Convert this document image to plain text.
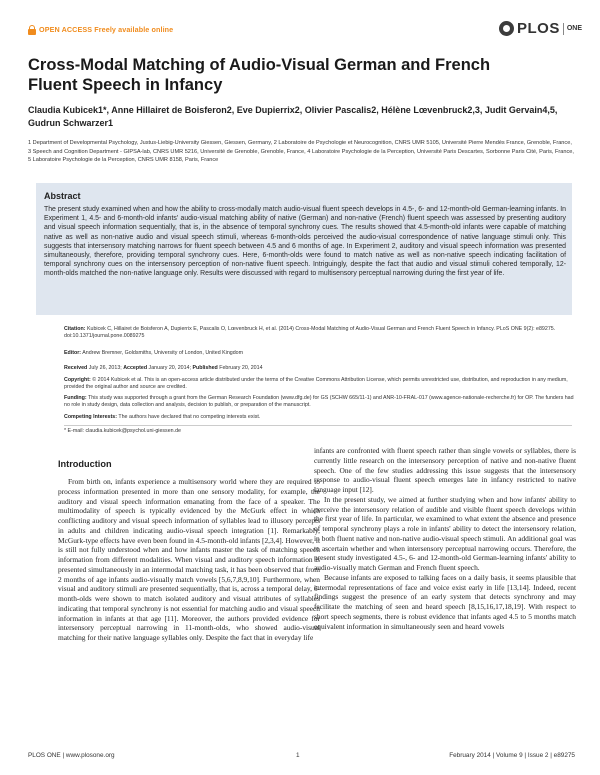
OPEN ACCESS Freely available online	PLOS ONE
Cross-Modal Matching of Audio-Visual German and French Fluent Speech in Infancy
Claudia Kubicek1*, Anne Hillairet de Boisferon2, Eve Dupierrix2, Olivier Pascalis2, Hélène Lœvenbruck2,3, Judit Gervain4,5, Gudrun Schwarzer1
1 Department of Developmental Psychology, Justus-Liebig-University Giessen, Giessen, Germany, 2 Laboratoire de Psychologie et Neurocognition, CNRS UMR 5105, Université Pierre Mendès France, Grenoble, France, 3 Speech and Cognition Department - GIPSA-lab, CNRS UMR 5216, Université de Grenoble, Grenoble, France, 4 Laboratoire Psychologie de la Perception, Université Paris Descartes, Sorbonne Paris Cité, Paris, France, 5 Laboratoire Psychologie de la Perception, CNRS UMR 8158, Paris, France
Abstract
The present study examined when and how the ability to cross-modally match audio-visual fluent speech develops in 4.5-, 6- and 12-month-old German-learning infants. In Experiment 1, 4.5- and 6-month-old infants' audio-visual matching ability of native (German) and non-native (French) fluent speech was assessed by presenting auditory and visual speech information sequentially, that is, in the absence of temporal synchrony cues. The results showed that 4.5-month-old infants were capable of matching native as well as non-native audio and visual speech stimuli, whereas 6-month-olds perceived the audio-visual correspondence of native language stimuli only. This suggests that intersensory matching narrows for fluent speech between 4.5 and 6 months of age. In Experiment 2, auditory and visual speech information was presented simultaneously, therefore, providing temporal synchrony cues. Here, 6-month-olds were found to match native as well as non-native speech indicating facilitation of temporal synchrony cues on the intersensory perception of non-native fluent speech. Intriguingly, despite the fact that audio and visual stimuli cohered temporally, 12-month-olds matched the non-native language only. Results were discussed with regard to multisensory perceptual narrowing during the first year of life.
Citation: Kubicek C, Hillairet de Boisferon A, Dupierrix E, Pascalis O, Lœvenbruck H, et al. (2014) Cross-Modal Matching of Audio-Visual German and French Fluent Speech in Infancy. PLoS ONE 9(2): e89275. doi:10.1371/journal.pone.0089275
Editor: Andrew Bremner, Goldsmiths, University of London, United Kingdom
Received July 26, 2013; Accepted January 20, 2014; Published February 20, 2014
Copyright: © 2014 Kubicek et al. This is an open-access article distributed under the terms of the Creative Commons Attribution License, which permits unrestricted use, distribution, and reproduction in any medium, provided the original author and source are credited.
Funding: This study was supported through a grant from the German Research Foundation (www.dfg.de) for GS (SCHW 665/11-1) and ANR-10-FRAL-017 (www.agence-nationale-recherche.fr) for OP. The funders had no role in study design, data collection and analysis, decision to publish, or preparation of the manuscript.
Competing Interests: The authors have declared that no competing interests exist.
* E-mail: claudia.kubicek@psychol.uni-giessen.de
Introduction

From birth on, infants experience a multisensory world where they are required to process information presented in more than one sensory modality, for example, the auditory and visual speech information emanating from the face of a speaker. The multimodality of speech is typically evidenced by the McGurk effect in which conflicting auditory and visual speech information of syllables lead to illusory percepts in adults and children indicating audio-visual speech integration [1]. Remarkably, McGurk-type effects have even been found in 4.5-month-old infants [2,3,4]. However, it is still not fully understood when and how infants master the task of matching speech information from different modalities. When visual and auditory speech information is presented simultaneously in an intermodal matching task, it has been observed that from 2 months of age infants audio-visually match vowels [5,6,7,8,9,10]. Furthermore, when visual and auditory stimuli are presented sequentially, that is, across a temporal delay, 6-month-olds were shown to match isolated auditory and visual attributes of syllables indicating that temporal synchrony is not essential for matching audio and visual speech information in infants at that age [11]. Moreover, the authors provided evidence for intersensory perceptual narrowing in 11-month-olds, who showed audio-visual matching for their native language syllables only. Despite the fact that in everyday life

infants are confronted with fluent speech rather than single vowels or syllables, there is currently little research on the intersensory perception of native and non-native fluent speech. One of the few studies addressing this issue suggests that the intersensory response to audio-visual fluent speech emerges late in infancy restricted to native language input [12].

In the present study, we aimed at further studying when and how infants' ability to perceive the intersensory relation of audible and visible fluent speech develops within the first year of life. In particular, we examined to what extent the absence and presence of temporal synchrony plays a role in infants' ability to detect the intersensory relation, in both fluent native and non-native audio-visual speech stimuli. An additional goal was to ascertain whether and when intersensory perceptual narrowing occurs. Therefore, the present study investigated 4.5-, 6- and 12-month-old German-learning infants' ability to audio-visually match German and French fluent speech.

Because infants are exposed to talking faces on a daily basis, it seems plausible that intermodal representations of face and voice exist early in life [13,14]. Indeed, recent findings suggest the presence of an early system that detects synchrony and may facilitate the matching of seen and heard speech [8,15,16,17,18,19]. With respect to short speech segments, there is robust evidence that infants aged 4.5 to 5 months match equivalent information in simultaneously seen and heard vowels

PLOS ONE | www.plosone.org	1	February 2014 | Volume 9 | Issue 2 | e89275
